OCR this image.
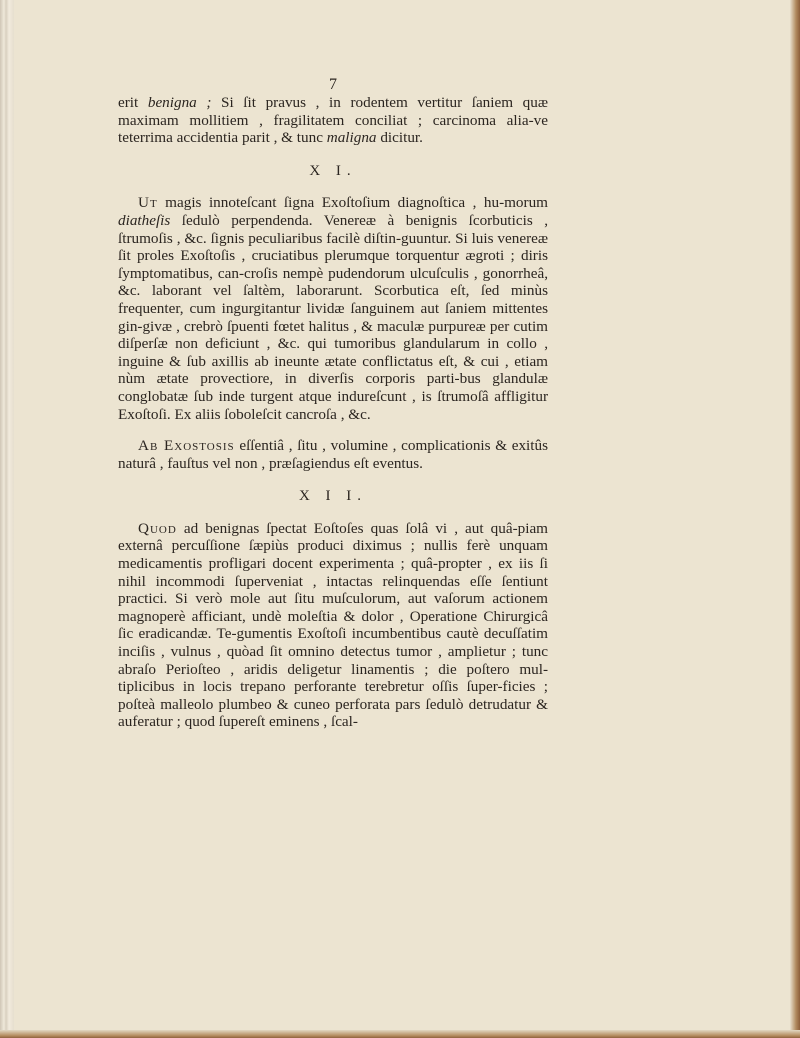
7

erit benigna ; Si ſit pravus , in rodentem vertitur ſaniem quæ maximam mollitiem , fragilitatem conciliat ; carcinoma alia-ve teterrima accidentia parit , & tunc maligna dicitur.

X I.

Ut magis innoteſcant ſigna Exoſtoſium diagnoſtica , hu-morum diatheſis ſedulò perpendenda. Venereæ à benignis ſcorbuticis , ſtrumoſis , &c. ſignis peculiaribus facilè diſtin-guuntur. Si luis venereæ ſit proles Exoſtoſis , cruciatibus plerumque torquentur ægroti ; diris ſymptomatibus, can-croſis nempè pudendorum ulcuſculis , gonorrheâ, &c. laborant vel ſaltèm, laborarunt. Scorbutica eſt, ſed minùs frequenter, cum ingurgitantur lividæ ſanguinem aut ſaniem mittentes gin-givæ , crebrò ſpuenti fœtet halitus , & maculæ purpureæ per cutim diſperſæ non deficiunt , &c. qui tumoribus glandularum in collo , inguine & ſub axillis ab ineunte ætate conflictatus eſt, & cui , etiam nùm ætate provectiore, in diverſis corporis parti-bus glandulæ conglobatæ ſub inde turgent atque indureſcunt , is ſtrumoſâ affligitur Exoſtoſi. Ex aliis ſoboleſcit cancroſa , &c.

Ab Exostosis eſſentiâ , ſitu , volumine , complicationis & exitûs naturâ , fauſtus vel non , præſagiendus eſt eventus.

X I I.

Quod ad benignas ſpectat Eoſtoſes quas ſolâ vi , aut quâ-piam externâ percuſſione ſæpiùs produci diximus ; nullis ferè unquam medicamentis profligari docent experimenta ; quâ-propter , ex iis ſi nihil incommodi ſuperveniat , intactas relinquendas eſſe ſentiunt practici. Si verò mole aut ſitu muſculorum, aut vaſorum actionem magnoperè afficiant, undè moleſtia & dolor , Operatione Chirurgicâ ſic eradicandæ. Te-gumentis Exoſtoſi incumbentibus cautè decuſſatim inciſis , vulnus , quòad ſit omnino detectus tumor , amplietur ; tunc abraſo Perioſteo , aridis deligetur linamentis ; die poſtero mul-tiplicibus in locis trepano perforante terebretur oſſis ſuper-ficies ; poſteà malleolo plumbeo & cuneo perforata pars ſedulò detrudatur & auferatur ; quod ſupereſt eminens , ſcal-
